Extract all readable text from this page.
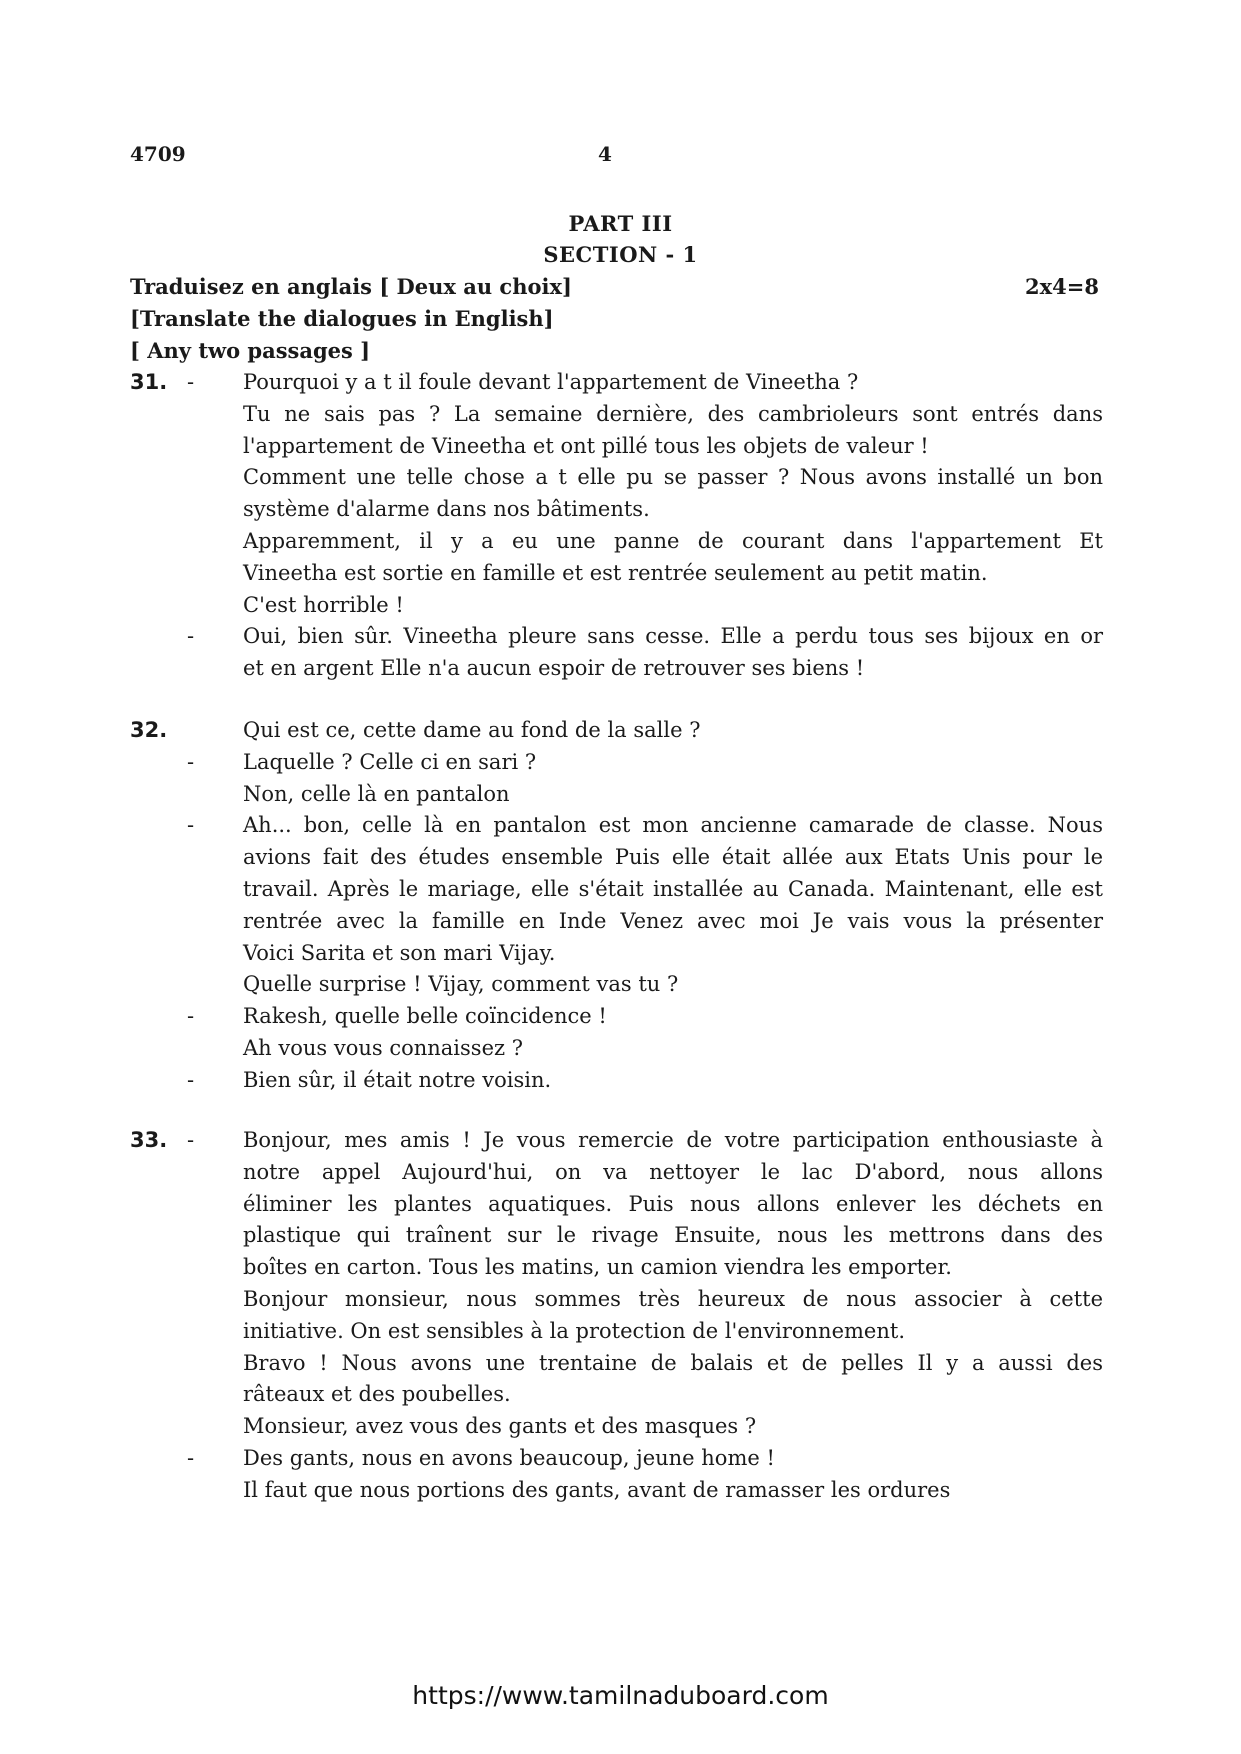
4709	4
PART III
SECTION - 1
Traduisez en anglais [ Deux au choix]	2x4=8
[Translate the dialogues in English]
[ Any two passages ]
31. - Pourquoi y a t il foule devant l'appartement de Vineetha ?
Tu ne sais pas ? La semaine dernière, des cambrioleurs sont entrés dans
l'appartement de Vineetha et ont pillé tous les objets de valeur !
Comment une telle chose a t elle pu se passer ? Nous avons installé un bon
système d'alarme dans nos bâtiments.
Apparemment, il y a eu une panne de courant dans l'appartement Et
Vineetha est sortie en famille et est rentrée seulement au petit matin.
C'est horrible !
- Oui, bien sûr. Vineetha pleure sans cesse. Elle a perdu tous ses bijoux en or
et en argent Elle n'a aucun espoir de retrouver ses biens !
32.	Qui est ce, cette dame au fond de la salle ?
- Laquelle ? Celle ci en sari ?
Non, celle là en pantalon
- Ah... bon, celle là en pantalon est mon ancienne camarade de classe. Nous
avions fait des études ensemble Puis elle était allée aux Etats Unis pour le
travail. Après le mariage, elle s'était installée au Canada. Maintenant, elle est
rentrée avec la famille en Inde Venez avec moi Je vais vous la présenter
Voici Sarita et son mari Vijay.
Quelle surprise ! Vijay, comment vas tu ?
- Rakesh, quelle belle coïncidence !
Ah vous vous connaissez ?
- Bien sûr, il était notre voisin.
33. - Bonjour, mes amis ! Je vous remercie de votre participation enthousiaste à
notre appel Aujourd'hui, on va nettoyer le lac D'abord, nous allons
éliminer les plantes aquatiques. Puis nous allons enlever les déchets en
plastique qui traînent sur le rivage Ensuite, nous les mettrons dans des
boîtes en carton. Tous les matins, un camion viendra les emporter.
Bonjour monsieur, nous sommes très heureux de nous associer à cette
initiative. On est sensibles à la protection de l'environnement.
Bravo ! Nous avons une trentaine de balais et de pelles Il y a aussi des
râteaux et des poubelles.
Monsieur, avez vous des gants et des masques ?
- Des gants, nous en avons beaucoup, jeune home !
Il faut que nous portions des gants, avant de ramasser les ordures
https://www.tamilnaduboard.com
